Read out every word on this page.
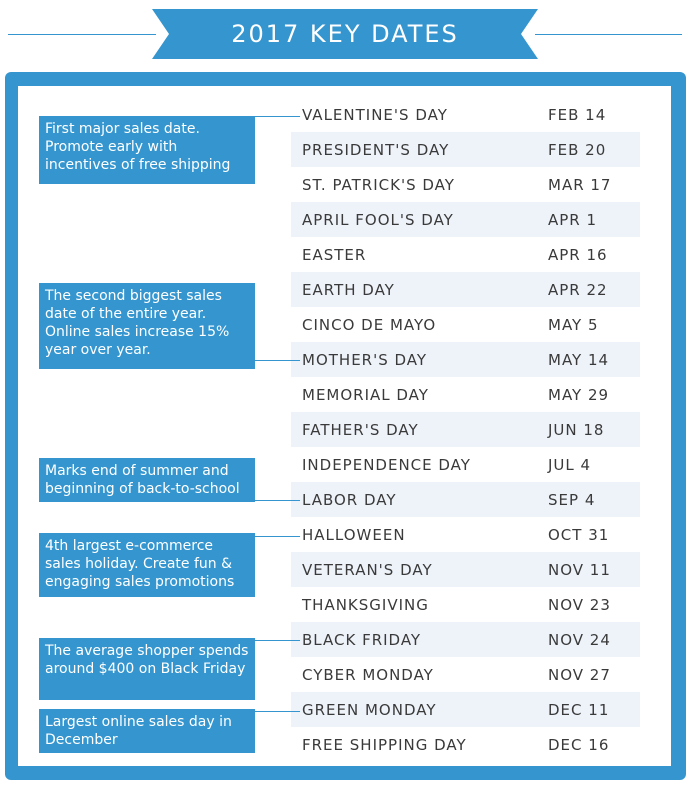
2017 KEY DATES
VALENTINE'S DAY	FEB 14
PRESIDENT'S DAY	FEB 20
ST. PATRICK'S DAY	MAR 17
APRIL FOOL'S DAY	APR 1
EASTER	APR 16
EARTH DAY	APR 22
CINCO DE MAYO	MAY 5
MOTHER'S DAY	MAY 14
MEMORIAL DAY	MAY 29
FATHER'S DAY	JUN 18
INDEPENDENCE DAY	JUL 4
LABOR DAY	SEP 4
HALLOWEEN	OCT 31
VETERAN'S DAY	NOV 11
THANKSGIVING	NOV 23
BLACK FRIDAY	NOV 24
CYBER MONDAY	NOV 27
GREEN MONDAY	DEC 11
FREE SHIPPING DAY	DEC 16
First major sales date. Promote early with incentives of free shipping
The second biggest sales date of the entire year. Online sales increase 15% year over year.
Marks end of summer and beginning of back-to-school
4th largest e-commerce sales holiday. Create fun & engaging sales promotions
The average shopper spends around $400 on Black Friday
Largest online sales day in December
